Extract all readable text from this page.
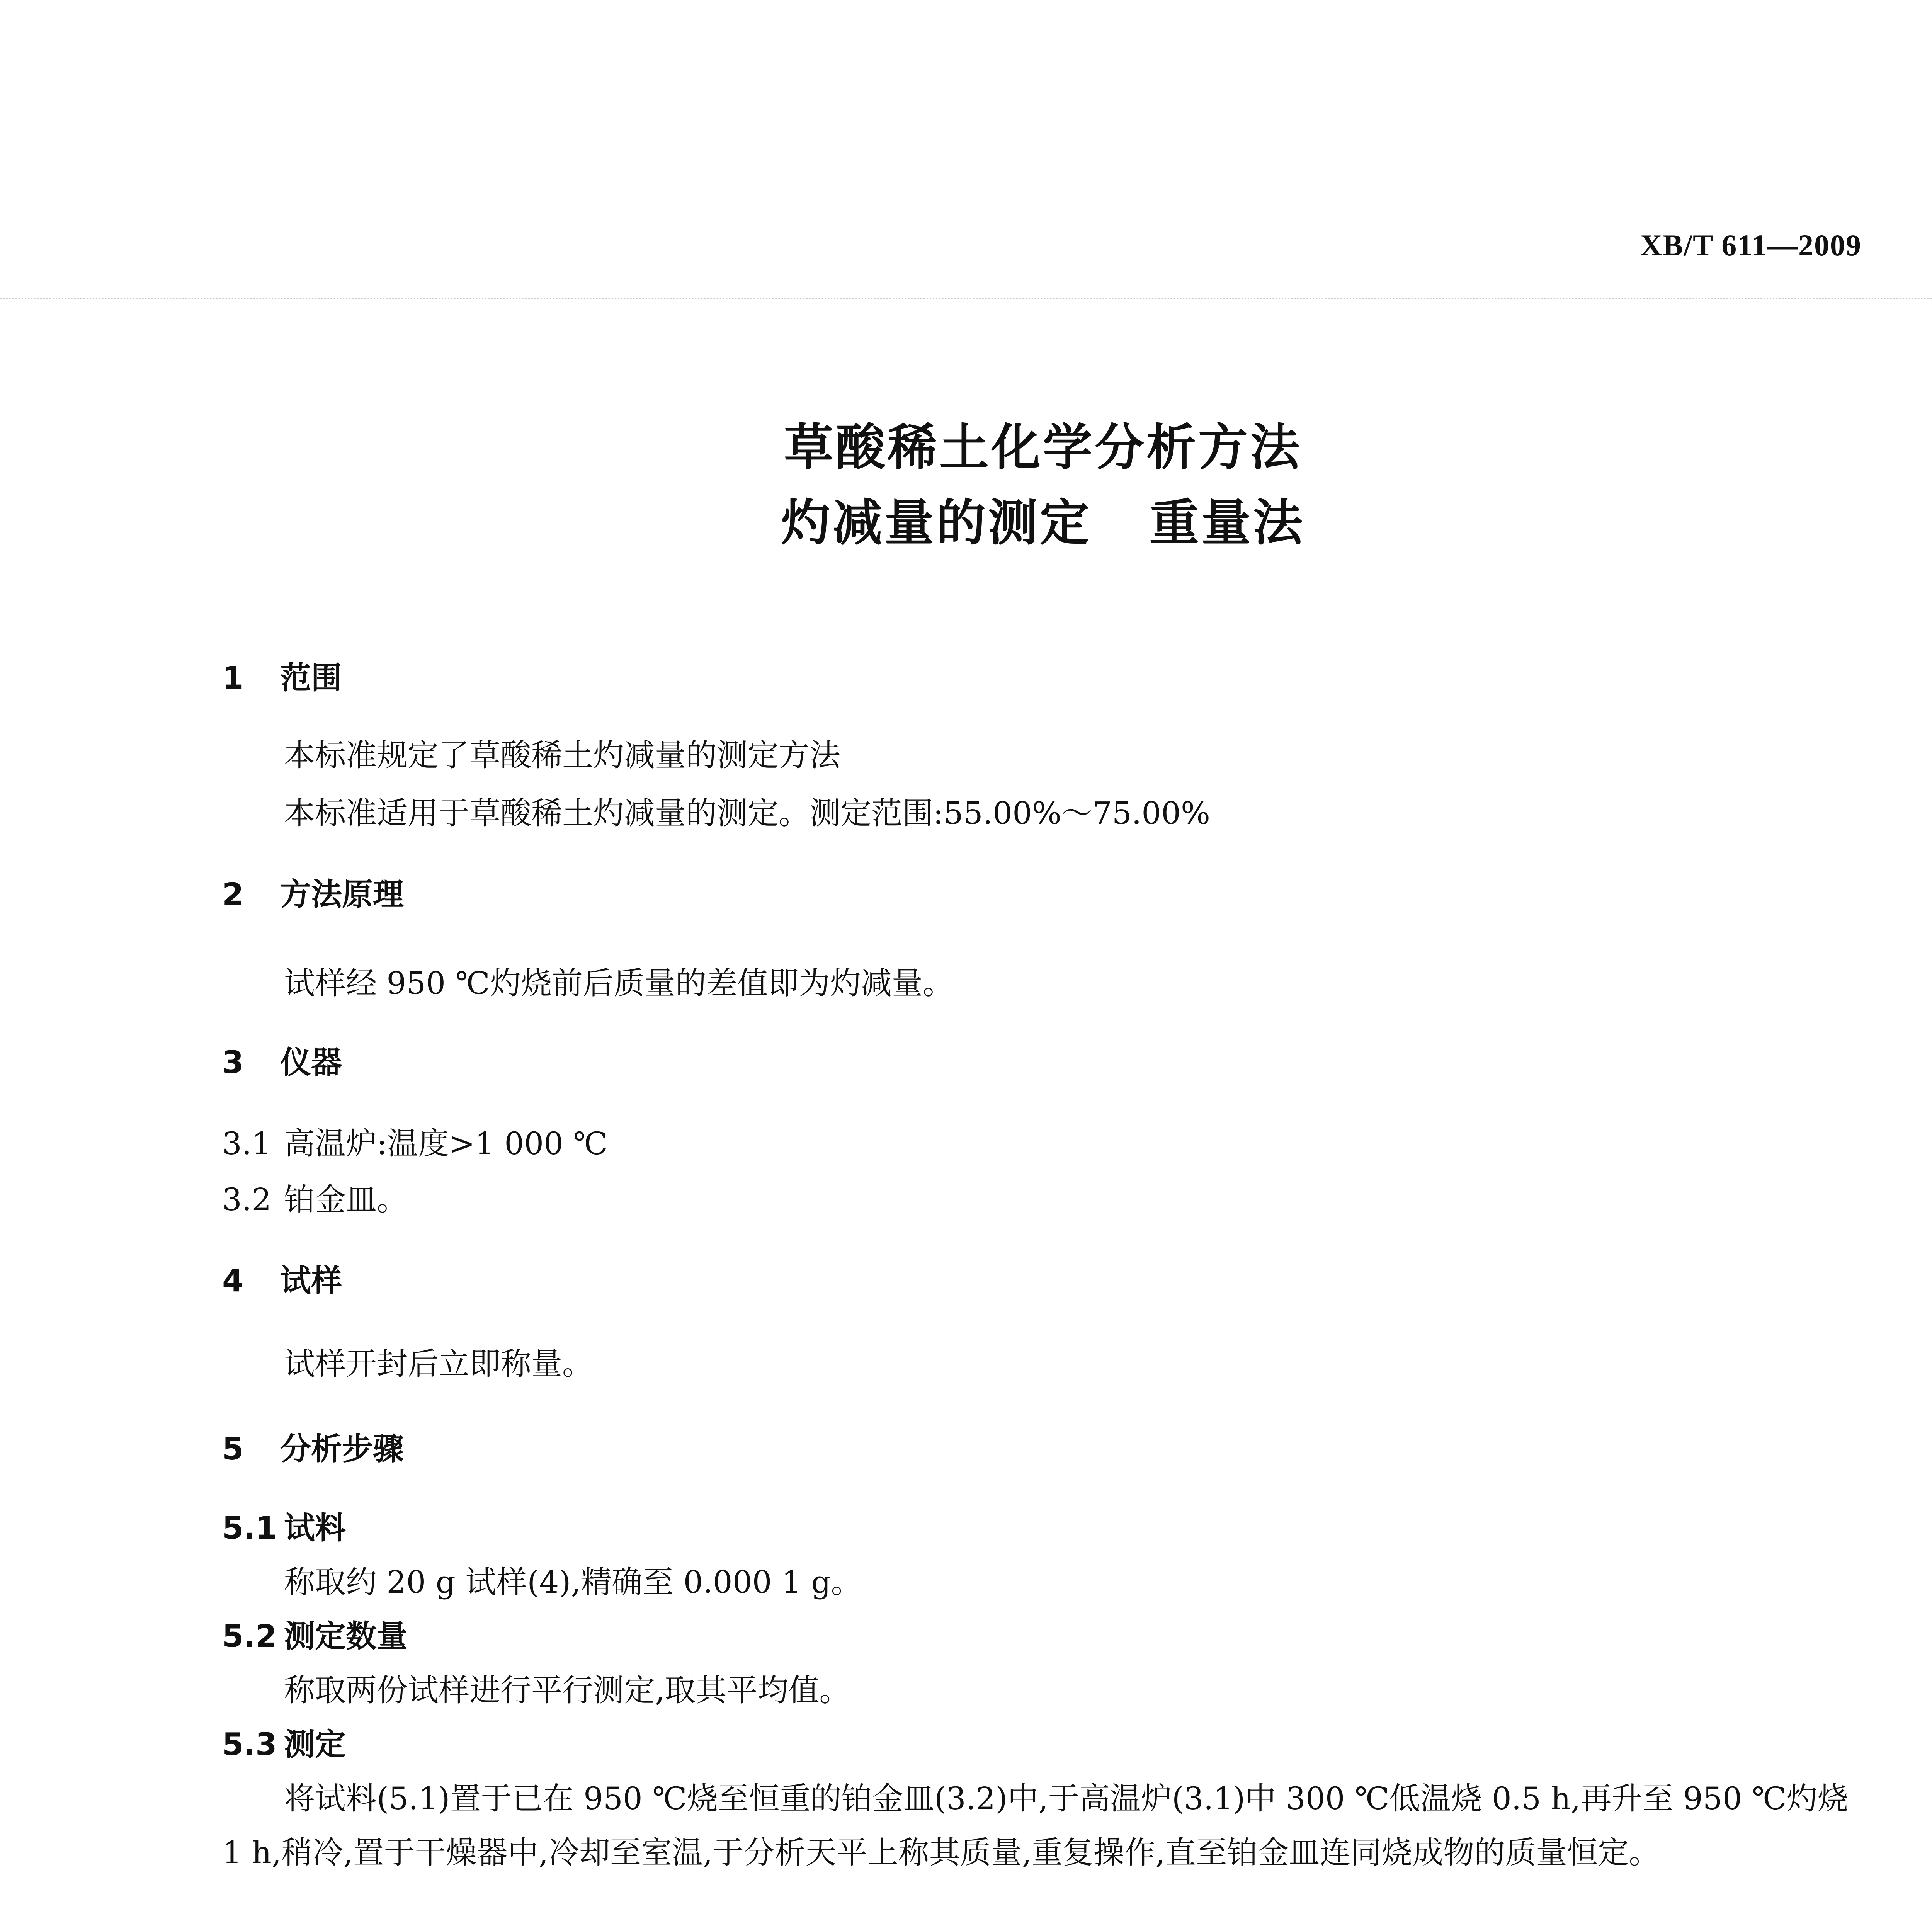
XB/T 611—2009
草酸稀土化学分析方法
灼减量的测定 重量法
1 范围
本标准规定了草酸稀土灼减量的测定方法
本标准适用于草酸稀土灼减量的测定。测定范围:55.00%～75.00%
2 方法原理
试样经 950 ℃灼烧前后质量的差值即为灼减量。
3 仪器
3.1 高温炉:温度>1 000 ℃
3.2 铂金皿。
4 试样
试样开封后立即称量。
5 分析步骤
5.1 试料
称取约 20 g 试样(4),精确至 0.000 1 g。
5.2 测定数量
称取两份试样进行平行测定,取其平均值。
5.3 测定
将试料(5.1)置于已在 950 ℃烧至恒重的铂金皿(3.2)中,于高温炉(3.1)中 300 ℃低温烧 0.5 h,再升至 950 ℃灼烧 1 h,稍冷,置于干燥器中,冷却至室温,于分析天平上称其质量,重复操作,直至铂金皿连同烧成物的质量恒定。
